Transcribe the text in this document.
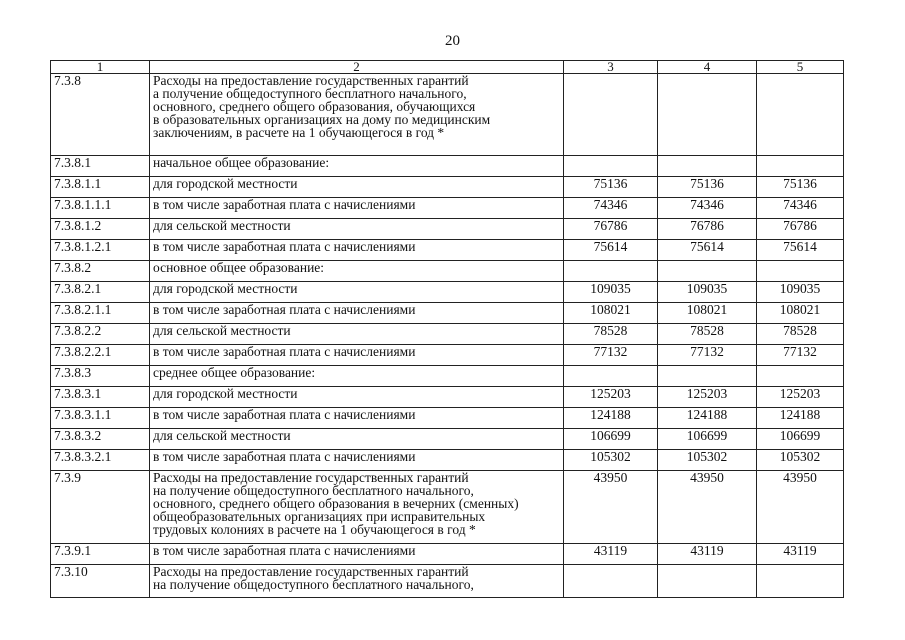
20
1	2	3	4	5
7.3.8	Расходы на предоставление государственных гарантий
а получение общедоступного бесплатного начального,
основного, среднего общего образования, обучающихся
в образовательных организациях на дому по медицинским
заключениям, в расчете на 1 обучающегося в год *			
7.3.8.1	начальное общее образование:			
7.3.8.1.1	для городской местности	75136	75136	75136
7.3.8.1.1.1	в том числе заработная плата с начислениями	74346	74346	74346
7.3.8.1.2	для сельской местности	76786	76786	76786
7.3.8.1.2.1	в том числе заработная плата с начислениями	75614	75614	75614
7.3.8.2	основное общее образование:			
7.3.8.2.1	для городской местности	109035	109035	109035
7.3.8.2.1.1	в том числе заработная плата с начислениями	108021	108021	108021
7.3.8.2.2	для сельской местности	78528	78528	78528
7.3.8.2.2.1	в том числе заработная плата с начислениями	77132	77132	77132
7.3.8.3	среднее общее образование:			
7.3.8.3.1	для городской местности	125203	125203	125203
7.3.8.3.1.1	в том числе заработная плата с начислениями	124188	124188	124188
7.3.8.3.2	для сельской местности	106699	106699	106699
7.3.8.3.2.1	в том числе заработная плата с начислениями	105302	105302	105302
7.3.9	Расходы на предоставление государственных гарантий
на получение общедоступного бесплатного начального,
основного, среднего общего образования в вечерних (сменных)
общеобразовательных организациях при исправительных
трудовых колониях в расчете на 1 обучающегося в год *	43950	43950	43950
7.3.9.1	в том числе заработная плата с начислениями	43119	43119	43119
7.3.10	Расходы на предоставление государственных гарантий
на получение общедоступного бесплатного начального,			
